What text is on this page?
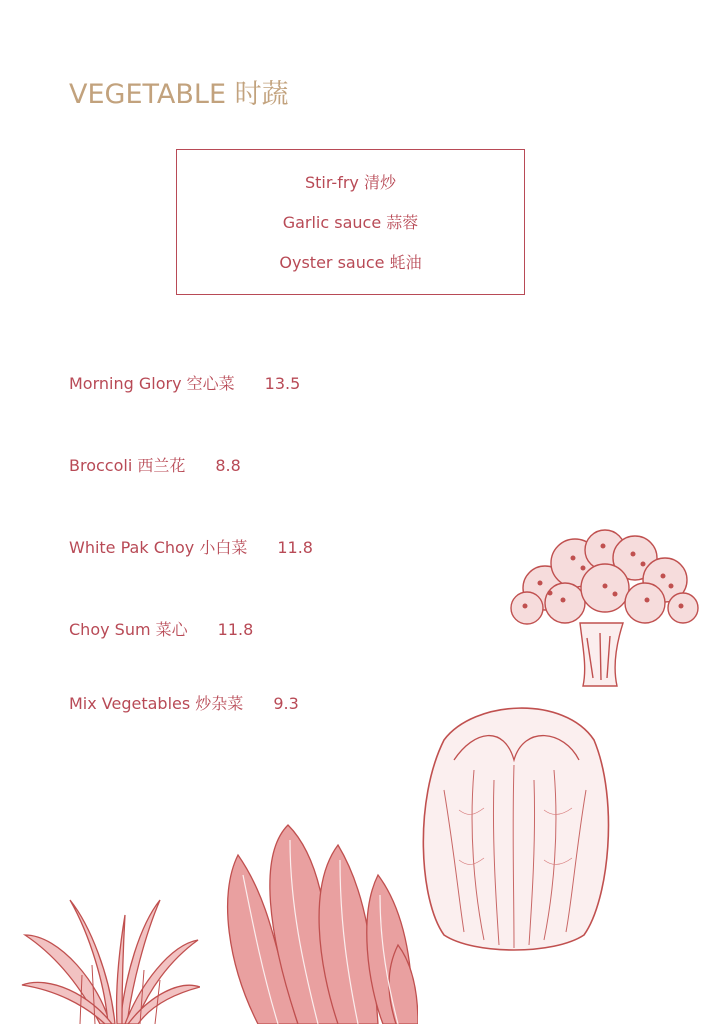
VEGETABLE 时蔬
Stir-fry 清炒
Garlic sauce 蒜蓉
Oyster sauce 蚝油
Morning Glory 空心菜 13.5
Broccoli 西兰花 8.8
White Pak Choy 小白菜 11.8
Choy Sum 菜心 11.8
Mix Vegetables 炒杂菜 9.3
